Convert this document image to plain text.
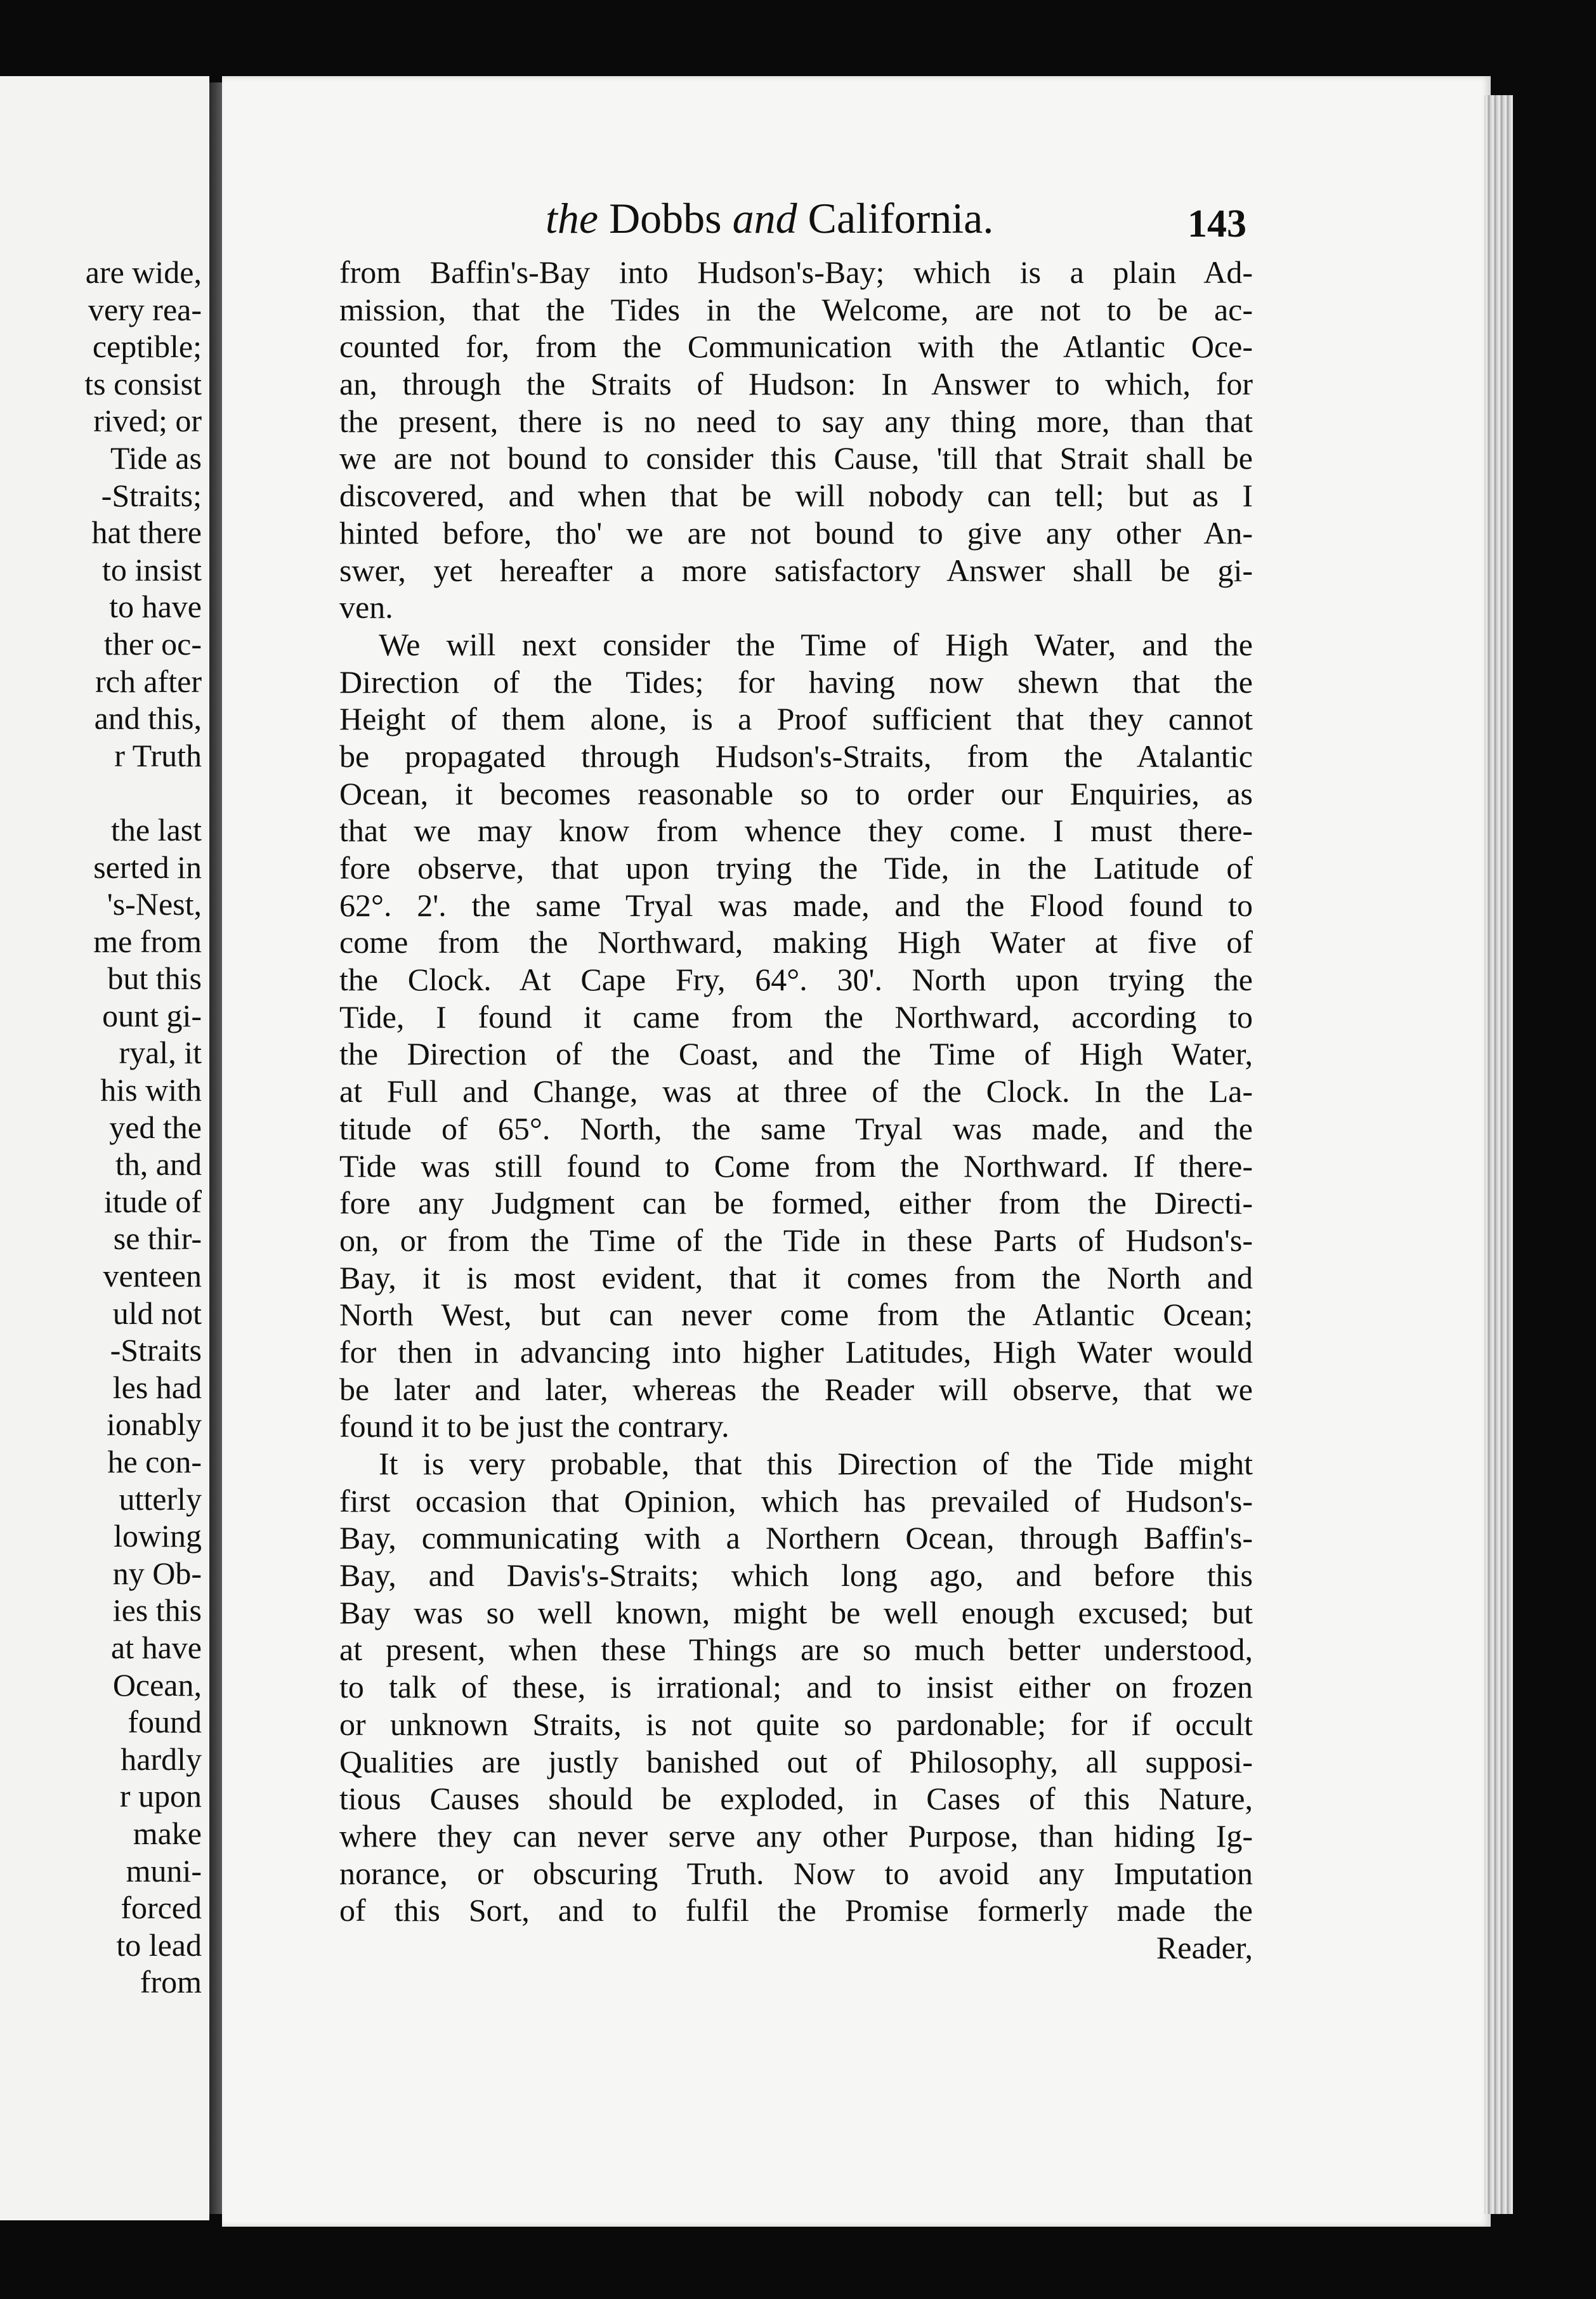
are wide,
very rea-
ceptible;
ts consist
rived; or
Tide as
-Straits;
hat there
to insist
to have
ther oc-
rch after
and this,
r Truth
the last
serted in
's-Nest,
me from
but this
ount gi-
ryal, it
his with
yed the
th, and
itude of
se thir-
venteen
uld not
-Straits
les had
ionably
he con-
utterly
lowing
ny Ob-
ies this
at have
Ocean,
found
hardly
r upon
make
muni-
forced
to lead
from
the Dobbs and California.	143
from Baffin's-Bay into Hudson's-Bay; which is a plain Ad-
mission, that the Tides in the Welcome, are not to be ac-
counted for, from the Communication with the Atlantic Oce-
an, through the Straits of Hudson: In Answer to which, for
the present, there is no need to say any thing more, than that
we are not bound to consider this Cause, 'till that Strait shall be
discovered, and when that be will nobody can tell; but as I
hinted before, tho' we are not bound to give any other An-
swer, yet hereafter a more satisfactory Answer shall be gi-
ven.
We will next consider the Time of High Water, and the
Direction of the Tides; for having now shewn that the
Height of them alone, is a Proof sufficient that they cannot
be propagated through Hudson's-Straits, from the Atalantic
Ocean, it becomes reasonable so to order our Enquiries, as
that we may know from whence they come. I must there-
fore observe, that upon trying the Tide, in the Latitude of
62°. 2'. the same Tryal was made, and the Flood found to
come from the Northward, making High Water at five of
the Clock. At Cape Fry, 64°. 30'. North upon trying the
Tide, I found it came from the Northward, according to
the Direction of the Coast, and the Time of High Water,
at Full and Change, was at three of the Clock. In the La-
titude of 65°. North, the same Tryal was made, and the
Tide was still found to Come from the Northward. If there-
fore any Judgment can be formed, either from the Directi-
on, or from the Time of the Tide in these Parts of Hudson's-
Bay, it is most evident, that it comes from the North and
North West, but can never come from the Atlantic Ocean;
for then in advancing into higher Latitudes, High Water would
be later and later, whereas the Reader will observe, that we
found it to be just the contrary.
It is very probable, that this Direction of the Tide might
first occasion that Opinion, which has prevailed of Hudson's-
Bay, communicating with a Northern Ocean, through Baffin's-
Bay, and Davis's-Straits; which long ago, and before this
Bay was so well known, might be well enough excused; but
at present, when these Things are so much better understood,
to talk of these, is irrational; and to insist either on frozen
or unknown Straits, is not quite so pardonable; for if occult
Qualities are justly banished out of Philosophy, all supposi-
tious Causes should be exploded, in Cases of this Nature,
where they can never serve any other Purpose, than hiding Ig-
norance, or obscuring Truth. Now to avoid any Imputation
of this Sort, and to fulfil the Promise formerly made the
Reader,
